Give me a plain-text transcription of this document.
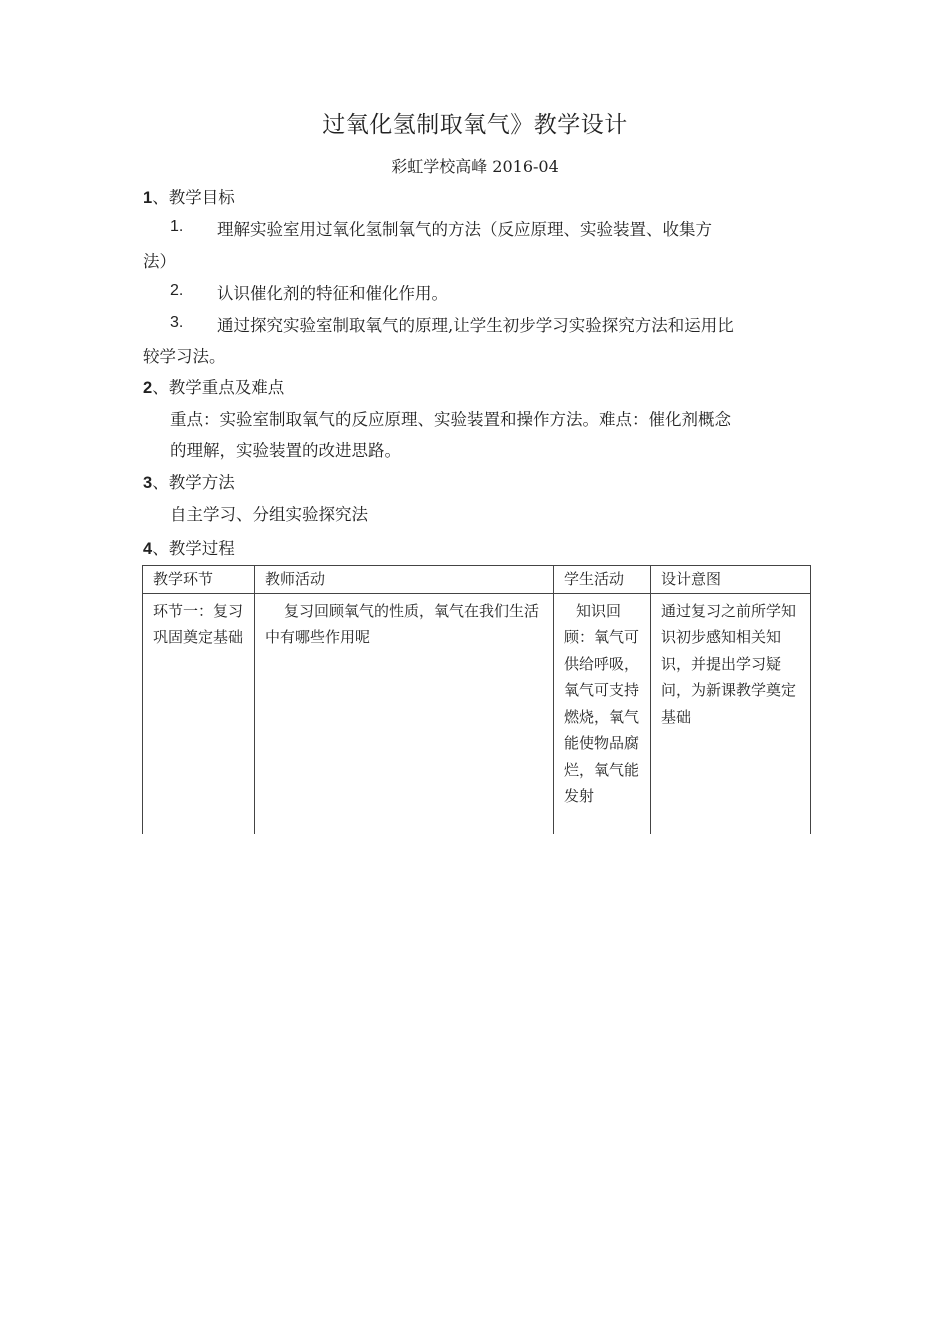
过氧化氢制取氧气》教学设计
彩虹学校高峰 2016-04
1、教学目标
1. 理解实验室用过氧化氢制氧气的方法（反应原理、实验装置、收集方
法）
2. 认识催化剂的特征和催化作用。
3. 通过探究实验室制取氧气的原理,让学生初步学习实验探究方法和运用比
较学习法。
2、教学重点及难点
重点：实验室制取氧气的反应原理、实验装置和操作方法。难点：催化剂概念
的理解，实验装置的改进思路。
3、教学方法
自主学习、分组实验探究法
4、教学过程
教学环节	教师活动	学生活动	设计意图
环节一：复习巩固奠定基础	复习回顾氧气的性质，氧气在我们生活中有哪些作用呢	知识回顾：氧气可供给呼吸，氧气可支持燃烧，氧气能使物品腐烂，氧气能发射	通过复习之前所学知识初步感知相关知识，并提出学习疑问，为新课教学奠定基础
